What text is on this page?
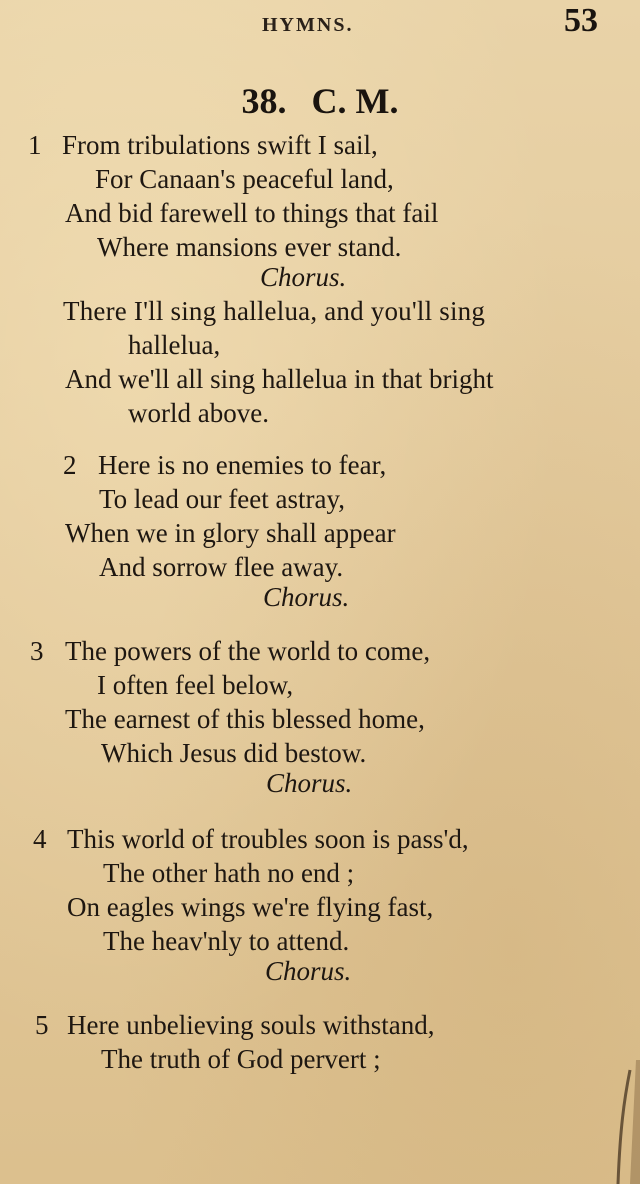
HYMNS.	53
38. C. M.
1 From tribulations swift I sail,
For Canaan's peaceful land,
And bid farewell to things that fail
Where mansions ever stand.
Chorus.
There I'll sing hallelua, and you'll sing
hallelua,
And we'll all sing hallelua in that bright
world above.
2 Here is no enemies to fear,
To lead our feet astray,
When we in glory shall appear
And sorrow flee away.
Chorus.
3 The powers of the world to come,
I often feel below,
The earnest of this blessed home,
Which Jesus did bestow.
Chorus.
4 This world of troubles soon is pass'd,
The other hath no end ;
On eagles wings we're flying fast,
The heav'nly to attend.
Chorus.
5 Here unbelieving souls withstand,
The truth of God pervert ;
